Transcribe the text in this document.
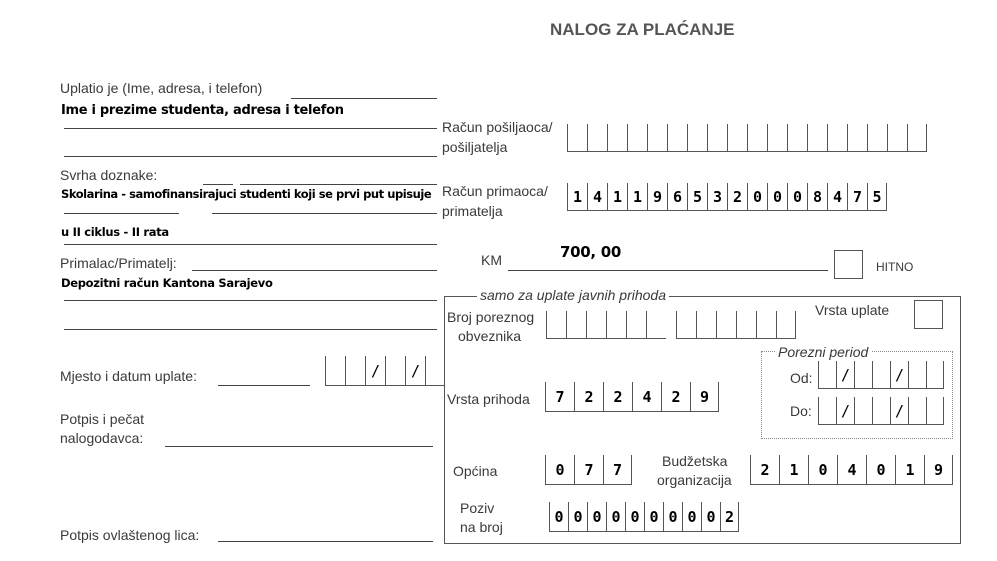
NALOG ZA PLAĆANJE
Uplatio je (Ime, adresa, i telefon)
Ime i prezime studenta, adresa i telefon
Svrha doznake:
Skolarina - samofinansirajuci studenti koji se prvi put upisuje
u II ciklus - II rata
Primalac/Primatelj:
Depozitni račun Kantona Sarajevo
Mjesto i datum uplate:	/ /
Potpis i pečat
nalogodavca:
Potpis ovlaštenog lica:
Račun pošiljaoca/
pošiljatelja
Račun primaoca/
primatelja
1 4 1 1 9 6 5 3 2 0 0 0 8 4 7 5
KM	700, 00
HITNO
samo za uplate javnih prihoda
Broj poreznog
obveznika
Vrsta uplate
Porezni period
Od: /	/
Do: /	/
Vrsta prihoda	7	2	2	4	2	9
Općina	0	7	7	Budžetska
organizacija
2	1	0	4	0	1	9
Poziv
na broj
0 0 0 0 0 0 0 0 0 2
